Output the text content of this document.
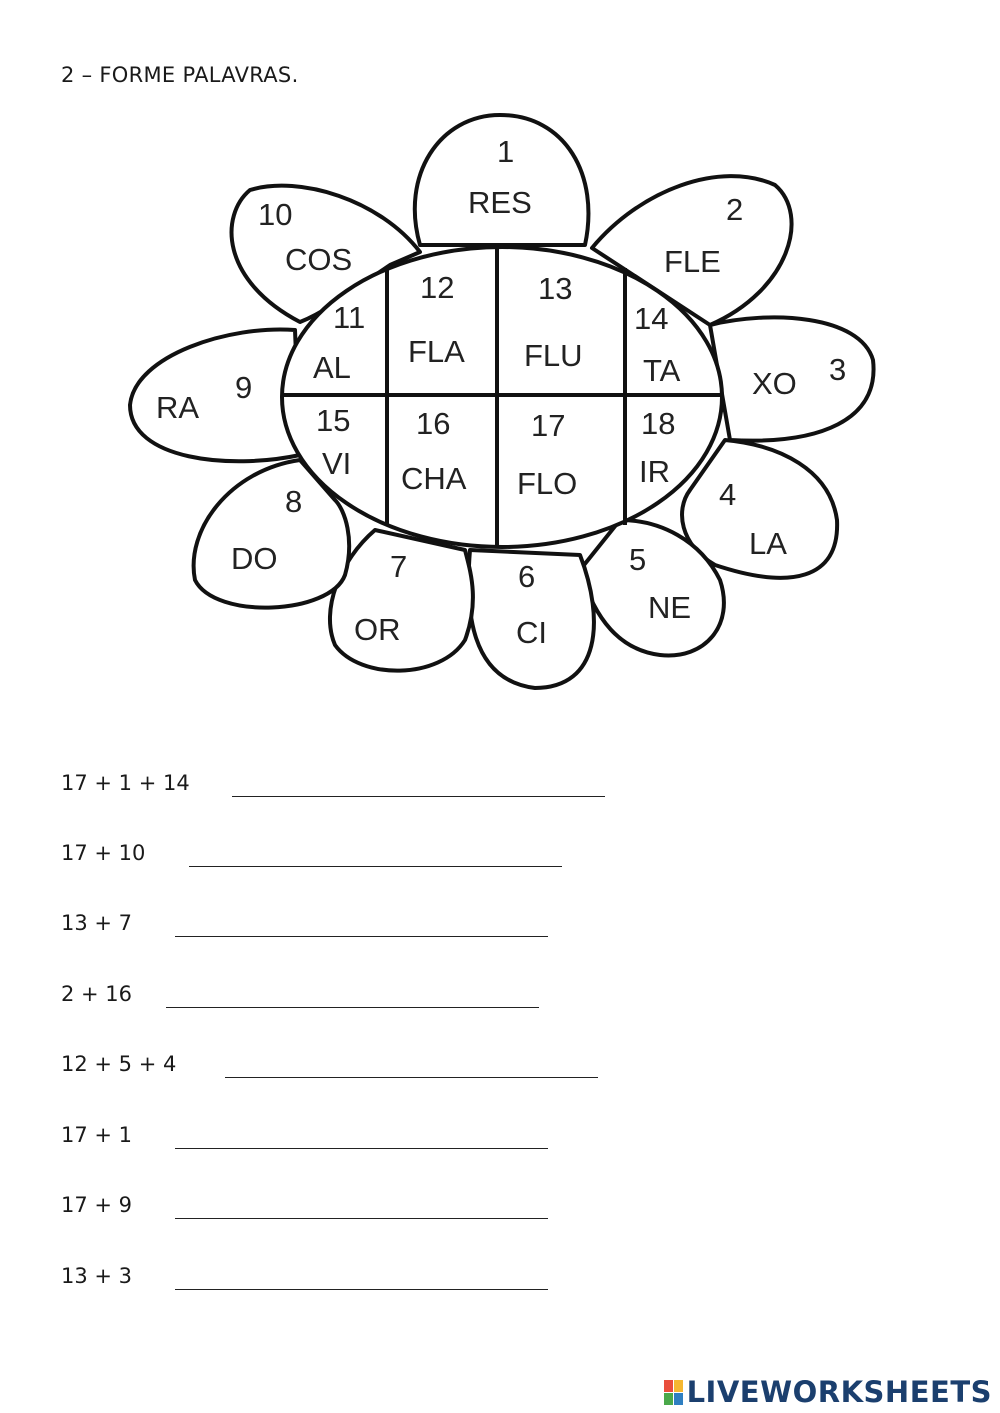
2 – FORME PALAVRAS.
1
RES	2
FLE
3
XO
4
LA
5
NE
6
CI
7
OR
8
DO
9
RA
10
COS
11
AL
12
FLA
13
FLU
14
TA
15
VI
16
CHA
17
FLO
18
IR
17 + 1 + 14
17 + 10
13 + 7
2 + 16
12 + 5 + 4
17 + 1
17 + 9
13 + 3
LIVEWORKSHEETS
